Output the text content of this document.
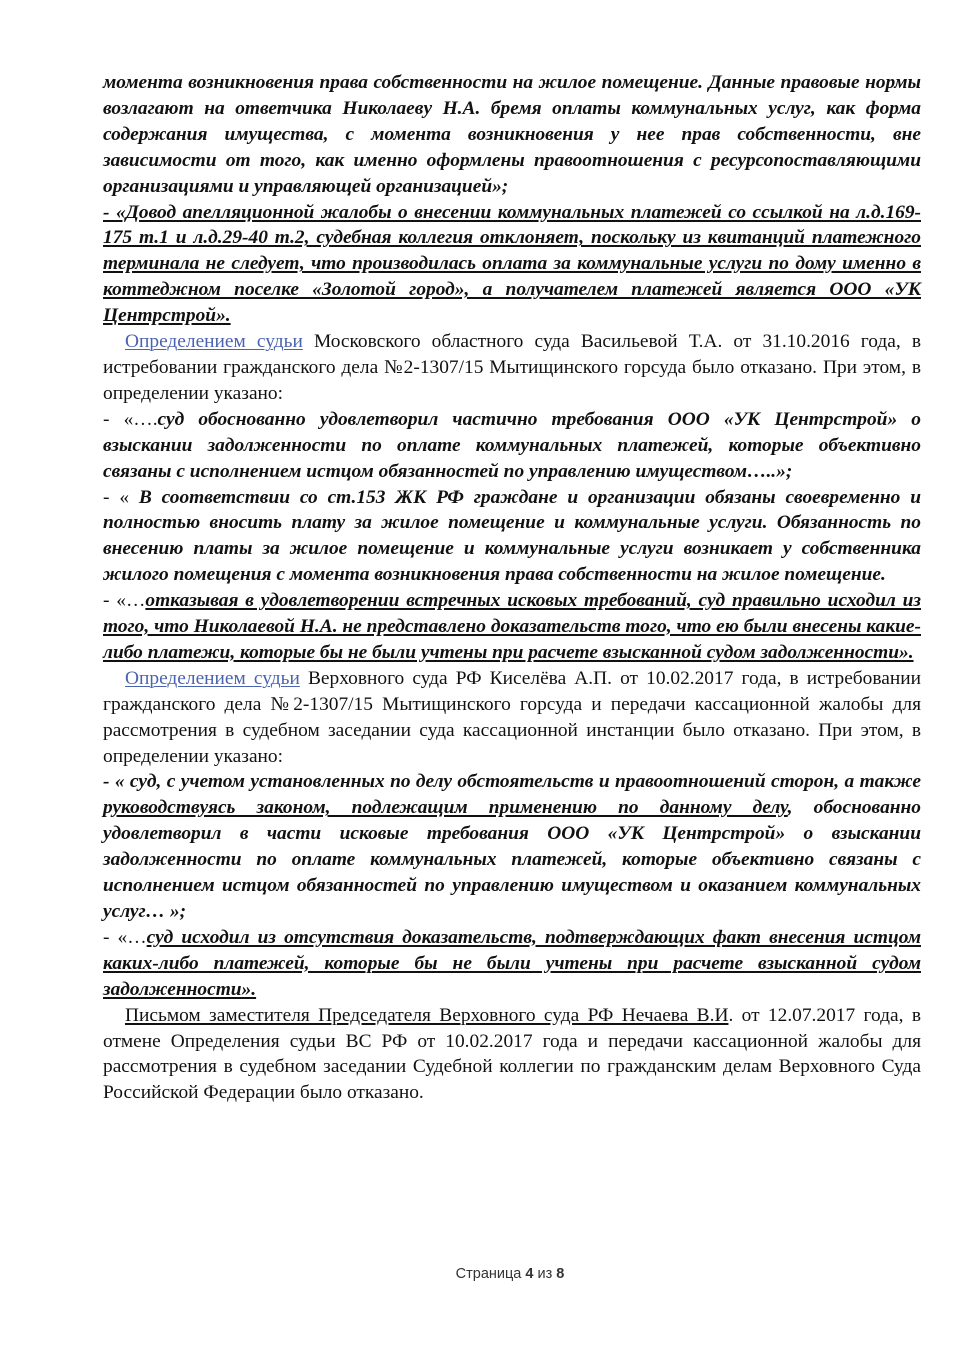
момента возникновения права собственности на жилое помещение. Данные правовые нормы возлагают на ответчика Николаеву Н.А. бремя оплаты коммунальных услуг, как форма содержания имущества, с момента возникновения у нее прав собственности, вне зависимости от того, как именно оформлены правоотношения с ресурсопоставляющими организациями и управляющей организацией»;

- «Довод апелляционной жалобы о внесении коммунальных платежей со ссылкой на л.д.169-175 т.1 и л.д.29-40 т.2, судебная коллегия отклоняет, поскольку из квитанций платежного терминала не следует, что производилась оплата за коммунальные услуги по дому именно в коттеджном поселке «Золотой город», а получателем платежей является ООО «УК Центрстрой».

Определением судьи Московского областного суда Васильевой Т.А. от 31.10.2016 года, в истребовании гражданского дела №2-1307/15 Мытищинского горсуда было отказано. При этом, в определении указано:

- «….суд обоснованно удовлетворил частично требования ООО «УК Центрстрой» о взыскании задолженности по оплате коммунальных платежей, которые объективно связаны с исполнением истцом обязанностей по управлению имуществом…..»;

- « В соответствии со ст.153 ЖК РФ граждане и организации обязаны своевременно и полностью вносить плату за жилое помещение и коммунальные услуги. Обязанность по внесению платы за жилое помещение и коммунальные услуги возникает у собственника жилого помещения с момента возникновения права собственности на жилое помещение.

- «…отказывая в удовлетворении встречных исковых требований, суд правильно исходил из того, что Николаевой Н.А. не представлено доказательств того, что ею были внесены какие-либо платежи, которые бы не были учтены при расчете взысканной судом задолженности».

Определением судьи Верховного суда РФ Киселёва А.П. от 10.02.2017 года, в истребовании гражданского дела №2-1307/15 Мытищинского горсуда и передачи кассационной жалобы для рассмотрения в судебном заседании суда кассационной инстанции было отказано. При этом, в определении указано:

- « суд, с учетом установленных по делу обстоятельств и правоотношений сторон, а также руководствуясь законом, подлежащим применению по данному делу, обоснованно удовлетворил в части исковые требования ООО «УК Центрстрой» о взыскании задолженности по оплате коммунальных платежей, которые объективно связаны с исполнением истцом обязанностей по управлению имуществом и оказанием коммунальных услуг… »;

- «…суд исходил из отсутствия доказательств, подтверждающих факт внесения истцом каких-либо платежей, которые бы не были учтены при расчете взысканной судом задолженности».

Письмом заместителя Председателя Верховного суда РФ Нечаева В.И. от 12.07.2017 года, в отмене Определения судьи ВС РФ от 10.02.2017 года и передачи кассационной жалобы для рассмотрения в судебном заседании Судебной коллегии по гражданским делам Верховного Суда Российской Федерации было отказано.

Страница 4 из 8
